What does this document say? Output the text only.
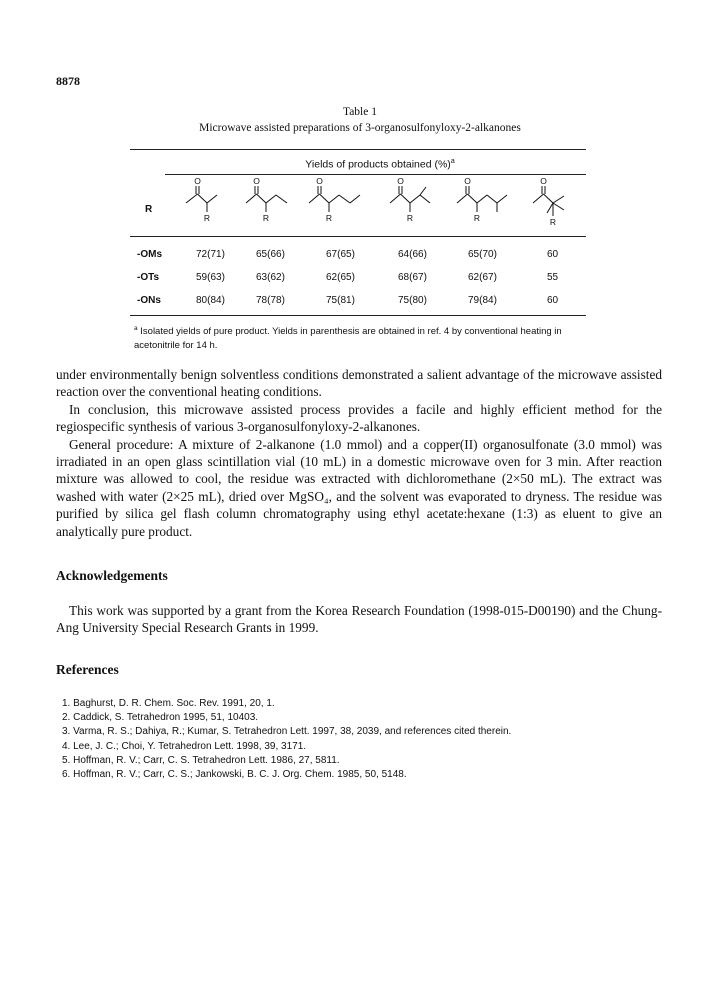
8878
Table 1
Microwave assisted preparations of 3-organosulfonyloxy-2-alkanones
Yields of products obtained (%)$^a$
R
O
R
O
R
O
R
O
R
O
R
O
R
-OMs	72(71)	65(66)	67(65)	64(66)	65(70)	60
-OTs	59(63)	63(62)	62(65)	68(67)	62(67)	55
-ONs	80(84)	78(78)	75(81)	75(80)	79(84)	60
$^a$ Isolated yields of pure product. Yields in parenthesis are obtained in ref. 4 by conventional heating in acetonitrile for 14 h.

under environmentally benign solventless conditions demonstrated a salient advantage of the microwave assisted reaction over the conventional heating conditions.

In conclusion, this microwave assisted process provides a facile and highly efficient method for the regiospecific synthesis of various 3-organosulfonyloxy-2-alkanones.

General procedure: A mixture of 2-alkanone (1.0 mmol) and a copper(II) organosulfonate (3.0 mmol) was irradiated in an open glass scintillation vial (10 mL) in a domestic microwave oven for 3 min. After reaction mixture was allowed to cool, the residue was extracted with dichloromethane (2×50 mL). The extract was washed with water (2×25 mL), dried over MgSO₄, and the solvent was evaporated to dryness. The residue was purified by silica gel flash column chromatography using ethyl acetate:hexane (1:3) as eluent to give an analytically pure product.

Acknowledgements
This work was supported by a grant from the Korea Research Foundation (1998-015-D00190) and the Chung-Ang University Special Research Grants in 1999.
References
1. Baghurst, D. R. Chem. Soc. Rev. 1991, 20, 1.
2. Caddick, S. Tetrahedron 1995, 51, 10403.
3. Varma, R. S.; Dahiya, R.; Kumar, S. Tetrahedron Lett. 1997, 38, 2039, and references cited therein.
4. Lee, J. C.; Choi, Y. Tetrahedron Lett. 1998, 39, 3171.
5. Hoffman, R. V.; Carr, C. S. Tetrahedron Lett. 1986, 27, 5811.
6. Hoffman, R. V.; Carr, C. S.; Jankowski, B. C. J. Org. Chem. 1985, 50, 5148.
